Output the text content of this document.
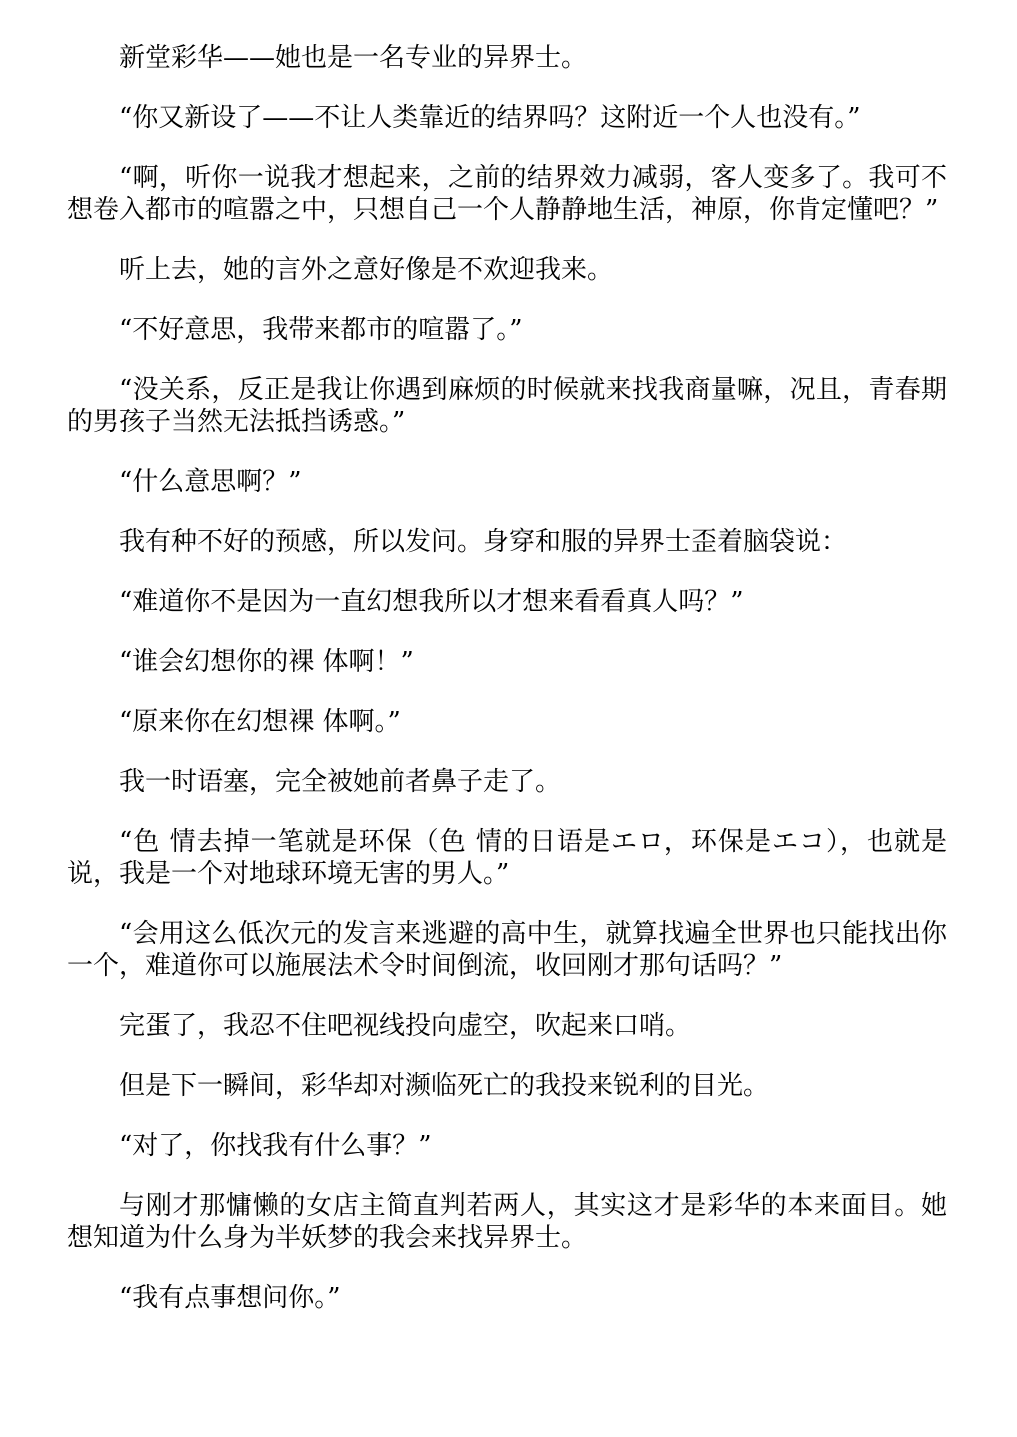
新堂彩华——她也是一名专业的异界士。

“你又新设了——不让人类靠近的结界吗？这附近一个人也没有。”

“啊，听你一说我才想起来，之前的结界效力减弱，客人变多了。我可不想卷入都市的喧嚣之中，只想自己一个人静静地生活，神原，你肯定懂吧？”

听上去，她的言外之意好像是不欢迎我来。

“不好意思，我带来都市的喧嚣了。”

“没关系，反正是我让你遇到麻烦的时候就来找我商量嘛，况且，青春期的男孩子当然无法抵挡诱惑。”

“什么意思啊？”

我有种不好的预感，所以发问。身穿和服的异界士歪着脑袋说：

“难道你不是因为一直幻想我所以才想来看看真人吗？”

“谁会幻想你的裸 体啊！”

“原来你在幻想裸 体啊。”

我一时语塞，完全被她前者鼻子走了。

“色 情去掉一笔就是环保（色 情的日语是エロ，环保是エコ），也就是说，我是一个对地球环境无害的男人。”

“会用这么低次元的发言来逃避的高中生，就算找遍全世界也只能找出你一个，难道你可以施展法术令时间倒流，收回刚才那句话吗？”

完蛋了，我忍不住吧视线投向虚空，吹起来口哨。

但是下一瞬间，彩华却对濒临死亡的我投来锐利的目光。

“对了，你找我有什么事？”

与刚才那慵懒的女店主简直判若两人，其实这才是彩华的本来面目。她想知道为什么身为半妖梦的我会来找异界士。

“我有点事想问你。”
